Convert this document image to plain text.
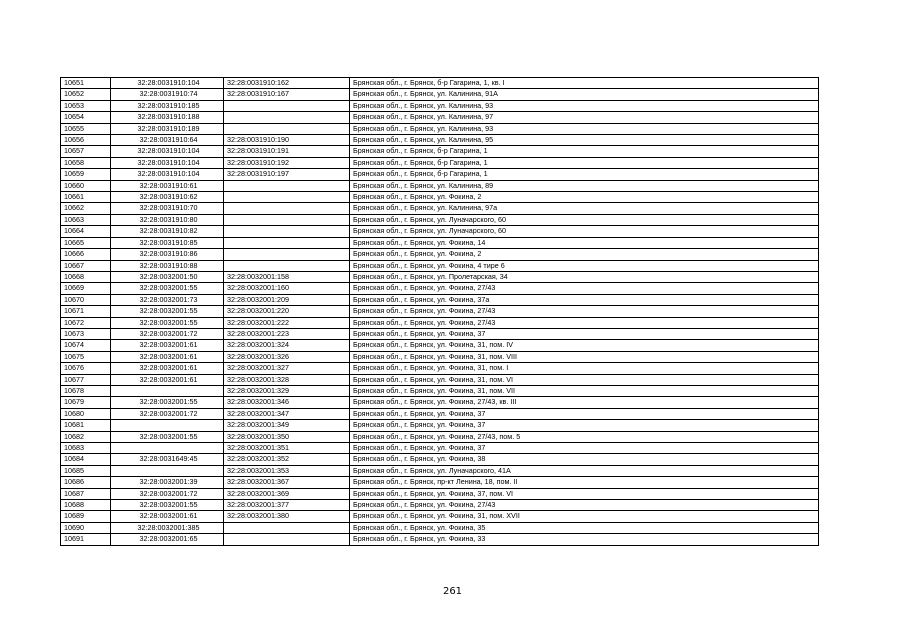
10651	32:28:0031910:104	32:28:0031910:162	Брянская обл., г. Брянск, б-р Гагарина, 1, кв. I
10652	32:28:0031910:74	32:28:0031910:167	Брянская обл., г. Брянск, ул. Калинина, 91А
10653	32:28:0031910:185		Брянская обл., г. Брянск, ул. Калинина, 93
10654	32:28:0031910:188		Брянская обл., г. Брянск, ул. Калинина, 97
10655	32:28:0031910:189		Брянская обл., г. Брянск, ул. Калинина, 93
10656	32:28:0031910:64	32:28:0031910:190	Брянская обл., г. Брянск, ул. Калинина, 95
10657	32:28:0031910:104	32:28:0031910:191	Брянская обл., г. Брянск, б-р Гагарина, 1
10658	32:28:0031910:104	32:28:0031910:192	Брянская обл., г. Брянск, б-р Гагарина, 1
10659	32:28:0031910:104	32:28:0031910:197	Брянская обл., г. Брянск, б-р Гагарина, 1
10660	32:28:0031910:61		Брянская обл., г. Брянск, ул. Калинина, 89
10661	32:28:0031910:62		Брянская обл., г. Брянск, ул. Фокина, 2
10662	32:28:0031910:70		Брянская обл., г. Брянск, ул. Калинина, 97а
10663	32:28:0031910:80		Брянская обл., г. Брянск, ул. Луначарского, 60
10664	32:28:0031910:82		Брянская обл., г. Брянск, ул. Луначарского, 60
10665	32:28:0031910:85		Брянская обл., г. Брянск, ул. Фокина, 14
10666	32:28:0031910:86		Брянская обл., г. Брянск, ул. Фокина, 2
10667	32:28:0031910:88		Брянская обл., г. Брянск, ул. Фокина, 4 тире 6
10668	32:28:0032001:50	32:28:0032001:158	Брянская обл., г. Брянск, ул. Пролетарская, 34
10669	32:28:0032001:55	32:28:0032001:160	Брянская обл., г. Брянск, ул. Фокина, 27/43
10670	32:28:0032001:73	32:28:0032001:209	Брянская обл., г. Брянск, ул. Фокина, 37а
10671	32:28:0032001:55	32:28:0032001:220	Брянская обл., г. Брянск, ул. Фокина, 27/43
10672	32:28:0032001:55	32:28:0032001:222	Брянская обл., г. Брянск, ул. Фокина, 27/43
10673	32:28:0032001:72	32:28:0032001:223	Брянская обл., г. Брянск, ул. Фокина, 37
10674	32:28:0032001:61	32:28:0032001:324	Брянская обл., г. Брянск, ул. Фокина, 31, пом. IV
10675	32:28:0032001:61	32:28:0032001:326	Брянская обл., г. Брянск, ул. Фокина, 31, пом. VIII
10676	32:28:0032001:61	32:28:0032001:327	Брянская обл., г. Брянск, ул. Фокина, 31, пом. I
10677	32:28:0032001:61	32:28:0032001:328	Брянская обл., г. Брянск, ул. Фокина, 31, пом. VI
10678		32:28:0032001:329	Брянская обл., г. Брянск, ул. Фокина, 31, пом. VII
10679	32:28:0032001:55	32:28:0032001:346	Брянская обл., г. Брянск, ул. Фокина, 27/43, кв. III
10680	32:28:0032001:72	32:28:0032001:347	Брянская обл., г. Брянск, ул. Фокина, 37
10681		32:28:0032001:349	Брянская обл., г. Брянск, ул. Фокина, 37
10682	32:28:0032001:55	32:28:0032001:350	Брянская обл., г. Брянск, ул. Фокина, 27/43, пом. 5
10683		32:28:0032001:351	Брянская обл., г. Брянск, ул. Фокина, 37
10684	32:28:0031649:45	32:28:0032001:352	Брянская обл., г. Брянск, ул. Фокина, 38
10685		32:28:0032001:353	Брянская обл., г. Брянск, ул. Луначарского, 41А
10686	32:28:0032001:39	32:28:0032001:367	Брянская обл., г. Брянск, пр-кт Ленина, 18, пом. II
10687	32:28:0032001:72	32:28:0032001:369	Брянская обл., г. Брянск, ул. Фокина, 37, пом. VI
10688	32:28:0032001:55	32:28:0032001:377	Брянская обл., г. Брянск, ул. Фокина, 27/43
10689	32:28:0032001:61	32:28:0032001:380	Брянская обл., г. Брянск, ул. Фокина, 31, пом. XVII
10690	32:28:0032001:385		Брянская обл., г. Брянск, ул. Фокина, 35
10691	32:28:0032001:65		Брянская обл., г. Брянск, ул. Фокина, 33
261
